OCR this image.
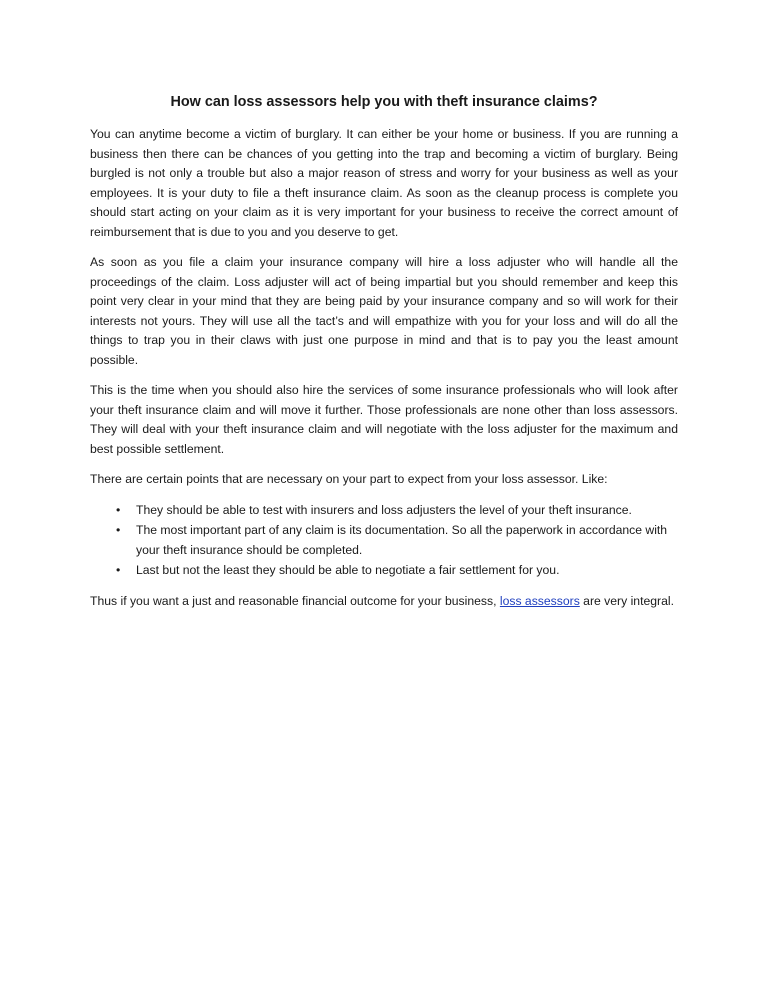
How can loss assessors help you with theft insurance claims?

You can anytime become a victim of burglary. It can either be your home or business. If you are running a business then there can be chances of you getting into the trap and becoming a victim of burglary. Being burgled is not only a trouble but also a major reason of stress and worry for your business as well as your employees. It is your duty to file a theft insurance claim. As soon as the cleanup process is complete you should start acting on your claim as it is very important for your business to receive the correct amount of reimbursement that is due to you and you deserve to get.

As soon as you file a claim your insurance company will hire a loss adjuster who will handle all the proceedings of the claim. Loss adjuster will act of being impartial but you should remember and keep this point very clear in your mind that they are being paid by your insurance company and so will work for their interests not yours. They will use all the tact’s and will empathize with you for your loss and will do all the things to trap you in their claws with just one purpose in mind and that is to pay you the least amount possible.

This is the time when you should also hire the services of some insurance professionals who will look after your theft insurance claim and will move it further. Those professionals are none other than loss assessors. They will deal with your theft insurance claim and will negotiate with the loss adjuster for the maximum and best possible settlement.

There are certain points that are necessary on your part to expect from your loss assessor. Like:

• They should be able to test with insurers and loss adjusters the level of your theft insurance.
• The most important part of any claim is its documentation. So all the paperwork in accordance with your theft insurance should be completed.
• Last but not the least they should be able to negotiate a fair settlement for you.

Thus if you want a just and reasonable financial outcome for your business, loss assessors are very integral.
